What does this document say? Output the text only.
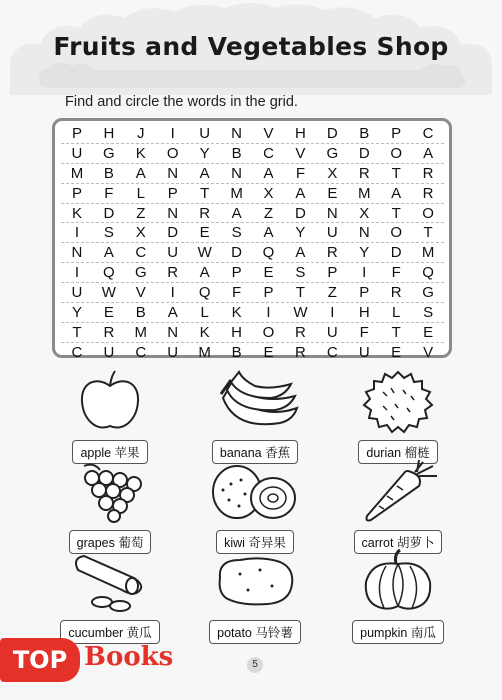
Fruits and Vegetables Shop
Find and circle the words in the grid.
P	H	J	I	U	N	V	H	D	B	P	C
U	G	K	O	Y	B	C	V	G	D	O	A
M	B	A	N	A	N	A	F	X	R	T	R
P	F	L	P	T	M	X	A	E	M	A	R
K	D	Z	N	R	A	Z	D	N	X	T	O
I	S	X	D	E	S	A	Y	U	N	O	T
N	A	C	U	W	D	Q	A	R	Y	D	M
I	Q	G	R	A	P	E	S	P	I	F	Q
U	W	V	I	Q	F	P	T	Z	P	R	G
Y	E	B	A	L	K	I	W	I	H	L	S
T	R	M	N	K	H	O	R	U	F	T	E
C	U	C	U	M	B	E	R	C	U	E	V
apple 苹果	banana 香蕉	durian 榴梿
grapes 葡萄	kiwi 奇异果	carrot 胡萝卜
cucumber 黄瓜	potato 马铃薯	pumpkin 南瓜
TOP Books	5
